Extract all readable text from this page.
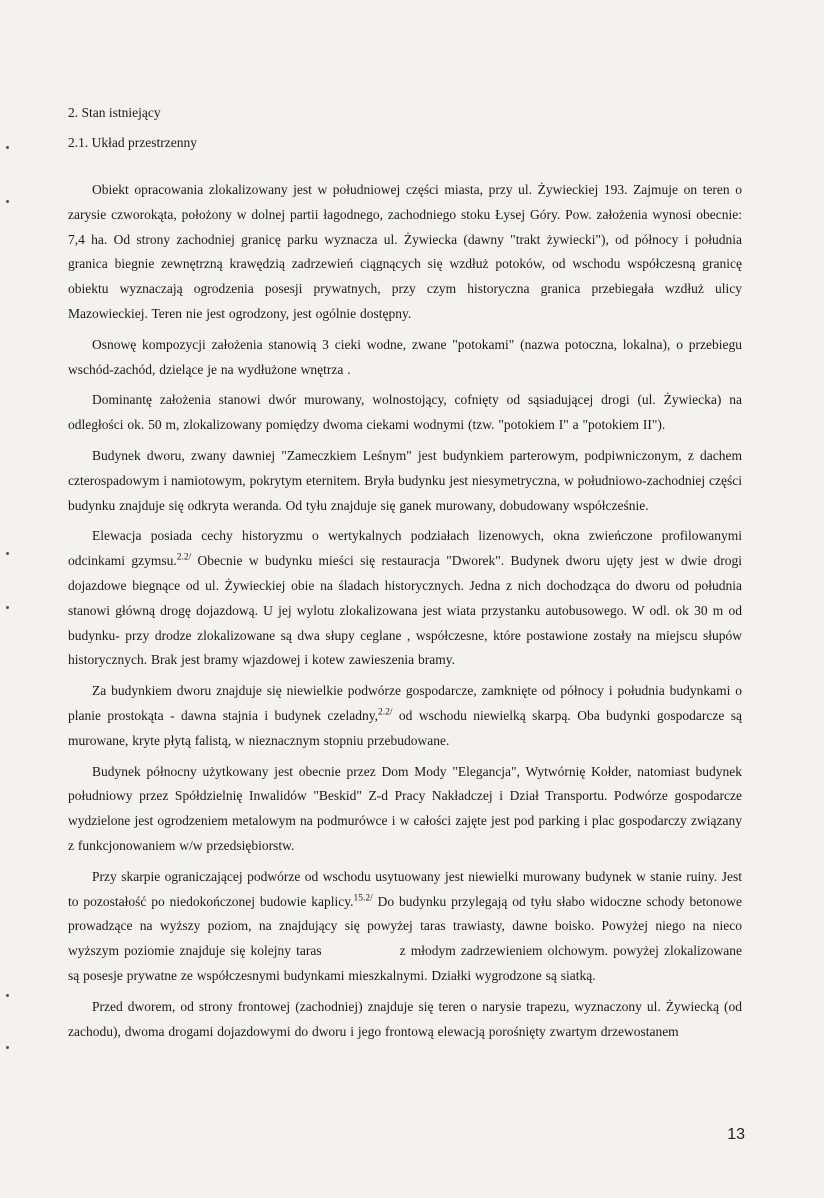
2. Stan istniejący

2.1. Układ przestrzenny

Obiekt opracowania zlokalizowany jest w południowej części miasta, przy ul. Żywieckiej 193. Zajmuje on teren o zarysie czworokąta, położony w dolnej partii łagodnego, zachodniego stoku Łysej Góry. Pow. założenia wynosi obecnie: 7,4 ha. Od strony zachodniej granicę parku wyznacza ul. Żywiecka (dawny "trakt żywiecki"), od północy i południa granica biegnie zewnętrzną krawędzią zadrzewień ciągnących się wzdłuż potoków, od wschodu współczesną granicę obiektu wyznaczają ogrodzenia posesji prywatnych, przy czym historyczna granica przebiegała wzdłuż ulicy Mazowieckiej. Teren nie jest ogrodzony, jest ogólnie dostępny.

Osnowę kompozycji założenia stanowią 3 cieki wodne, zwane "potokami" (nazwa potoczna, lokalna), o przebiegu wschód-zachód, dzielące je na wydłużone wnętrza .

Dominantę założenia stanowi dwór murowany, wolnostojący, cofnięty od sąsiadującej drogi (ul. Żywiecka) na odległości ok. 50 m, zlokalizowany pomiędzy dwoma ciekami wodnymi (tzw. "potokiem I" a "potokiem II").

Budynek dworu, zwany dawniej "Zameczkiem Leśnym" jest budynkiem parterowym, podpiwniczonym, z dachem czterospadowym i namiotowym, pokrytym eternitem. Bryła budynku jest niesymetryczna, w południowo-zachodniej części budynku znajduje się odkryta weranda. Od tyłu znajduje się ganek murowany, dobudowany współcześnie.

Elewacja posiada cechy historyzmu o wertykalnych podziałach lizenowych, okna zwieńczone profilowanymi odcinkami gzymsu.$^{2.2/}$ Obecnie w budynku mieści się restauracja "Dworek". Budynek dworu ujęty jest w dwie drogi dojazdowe biegnące od ul. Żywieckiej obie na śladach historycznych. Jedna z nich dochodząca do dworu od południa stanowi główną drogę dojazdową. U jej wylotu zlokalizowana jest wiata przystanku autobusowego. W odl. ok 30 m od budynku- przy drodze zlokalizowane są dwa słupy ceglane , współczesne, które postawione zostały na miejscu słupów historycznych. Brak jest bramy wjazdowej i kotew zawieszenia bramy.

Za budynkiem dworu znajduje się niewielkie podwórze gospodarcze, zamknięte od północy i południa budynkami o planie prostokąta - dawna stajnia i budynek czeladny,$^{2.2/}$ od wschodu niewielką skarpą. Oba budynki gospodarcze są murowane, kryte płytą falistą, w nieznacznym stopniu przebudowane.

Budynek północny użytkowany jest obecnie przez Dom Mody "Elegancja", Wytwórnię Kołder, natomiast budynek południowy przez Spółdzielnię Inwalidów "Beskid" Z-d Pracy Nakładczej i Dział Transportu. Podwórze gospodarcze wydzielone jest ogrodzeniem metalowym na podmurówce i w całości zajęte jest pod parking i plac gospodarczy związany z funkcjonowaniem w/w przedsiębiorstw.

Przy skarpie ograniczającej podwórze od wschodu usytuowany jest niewielki murowany budynek w stanie ruiny. Jest to pozostałość po niedokończonej budowie kaplicy.$^{15.2/}$ Do budynku przylegają od tyłu słabo widoczne schody betonowe prowadzące na wyższy poziom, na znajdujący się powyżej taras trawiasty, dawne boisko. Powyżej niego na nieco wyższym poziomie znajduje się kolejny taras	z młodym zadrzewieniem olchowym. powyżej zlokalizowane są posesje prywatne ze współczesnymi budynkami mieszkalnymi. Działki wygrodzone są siatką.

Przed dworem, od strony frontowej (zachodniej) znajduje się teren o narysie trapezu, wyznaczony ul. Żywiecką (od zachodu), dwoma drogami dojazdowymi do dworu i jego frontową elewacją porośnięty zwartym drzewostanem

13
